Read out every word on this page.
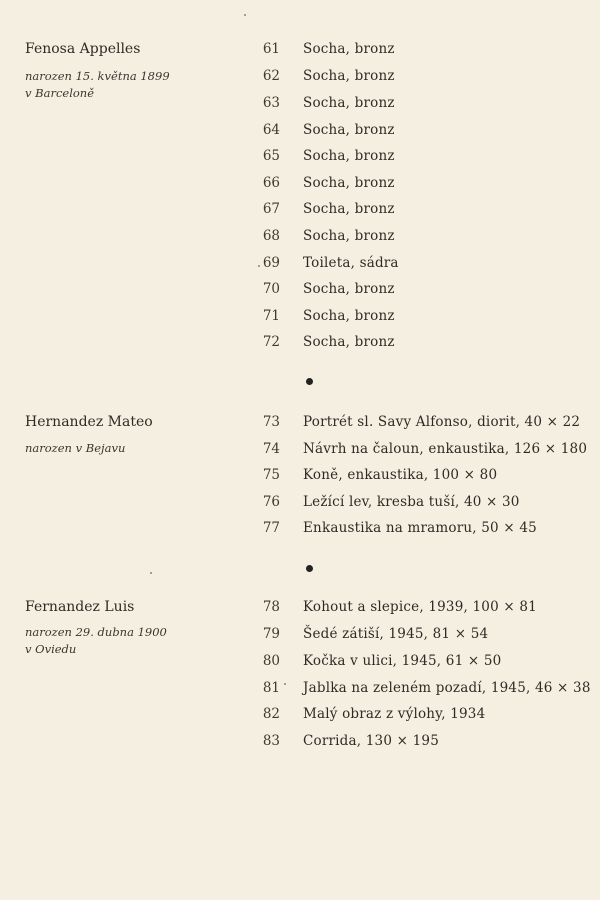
Fenosa Appelles
narozen 15. května 1899
v Barceloně
61 Socha, bronz
62 Socha, bronz
63 Socha, bronz
64 Socha, bronz
65 Socha, bronz
66 Socha, bronz
67 Socha, bronz
68 Socha, bronz
69 Toileta, sádra
70 Socha, bronz
71 Socha, bronz
72 Socha, bronz
Hernandez Mateo
narozen v Bejavu
73 Portrét sl. Savy Alfonso, diorit, 40 × 22
74 Návrh na čaloun, enkaustika, 126 × 180
75 Koně, enkaustika, 100 × 80
76 Ležící lev, kresba tuší, 40 × 30
77 Enkaustika na mramoru, 50 × 45
Fernandez Luis
narozen 29. dubna 1900
v Oviedu
78 Kohout a slepice, 1939, 100 × 81
79 Šedé zátiší, 1945, 81 × 54
80 Kočka v ulici, 1945, 61 × 50
81 Jablka na zeleném pozadí, 1945, 46 × 38
82 Malý obraz z výlohy, 1934
83 Corrida, 130 × 195
